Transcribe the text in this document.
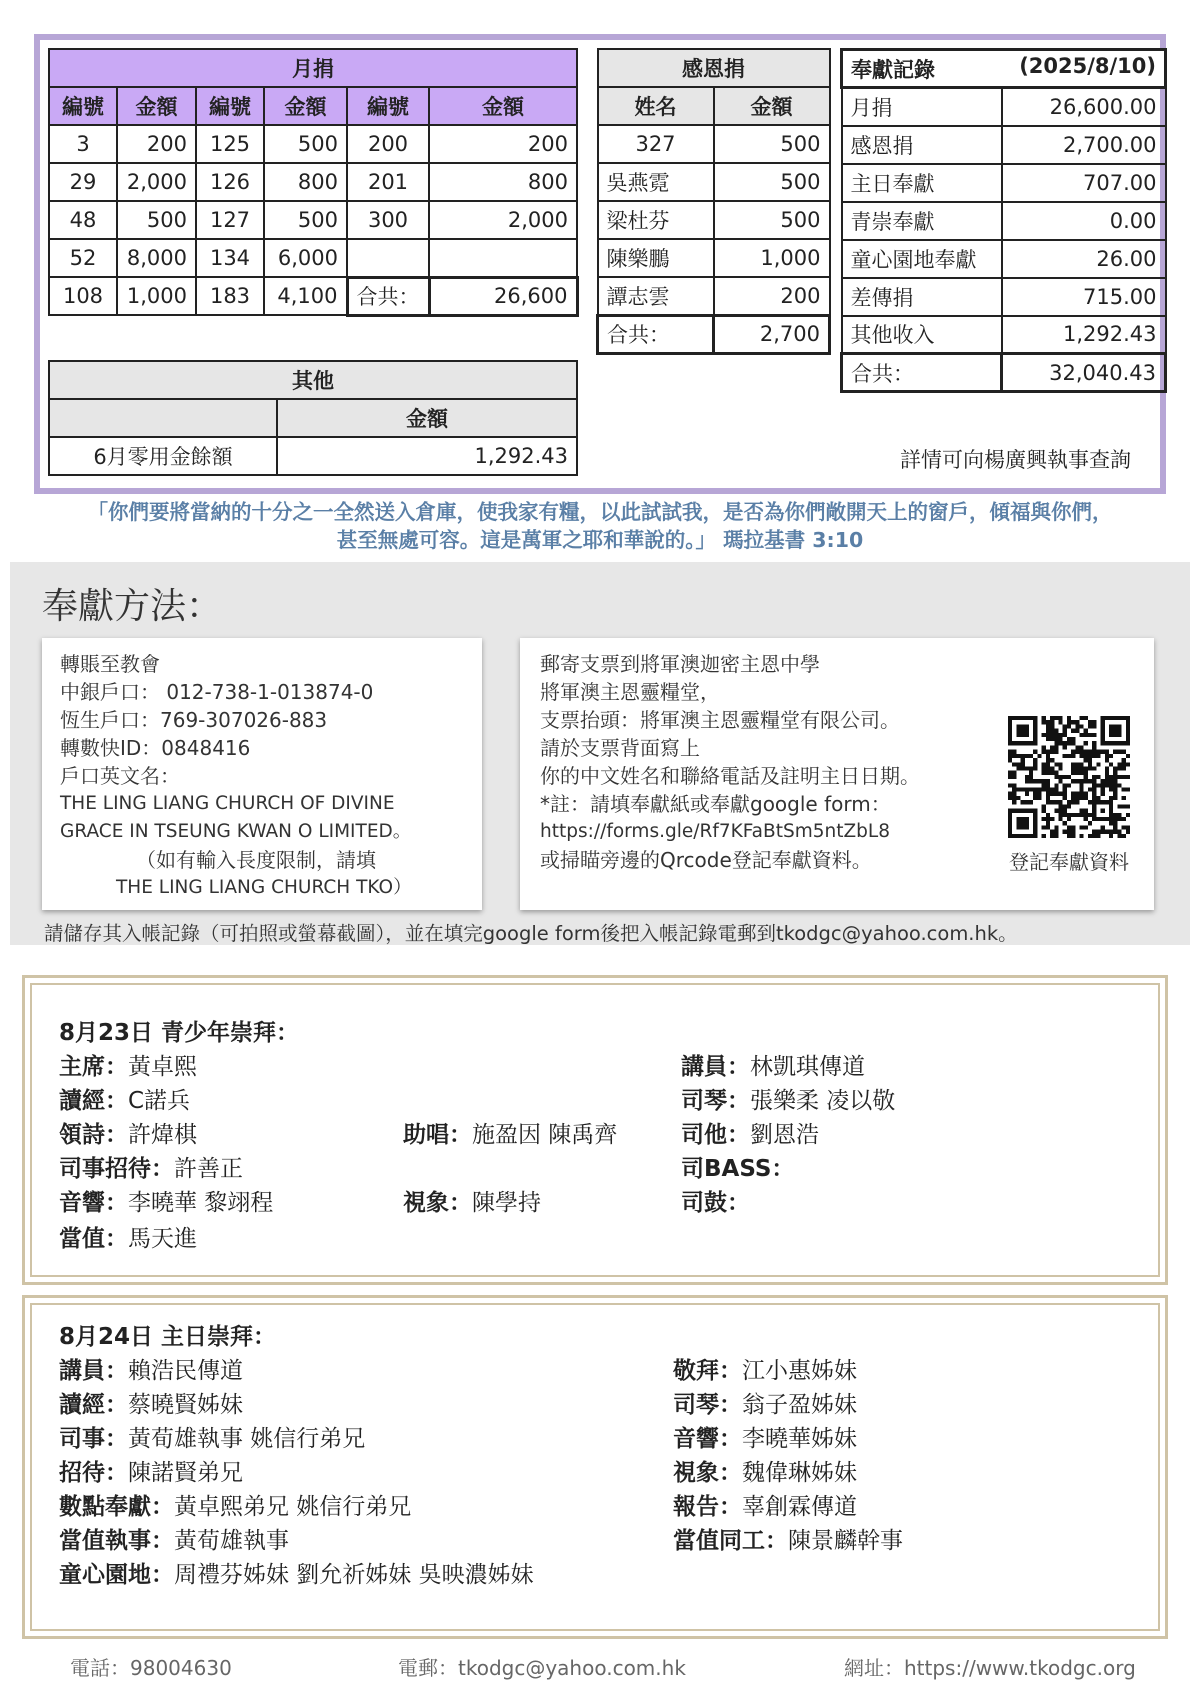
月捐					
編號	金額	編號	金額	編號	金額
3	200	125	500	200	200
29	2,000	126	800	201	800
48	500	127	500	300	2,000
52	8,000	134	6,000		
108	1,000	183	4,100	合共：	26,600
感恩捐	
姓名	金額
327	500
吳燕霓	500
梁杜芬	500
陳樂鵬	1,000
譚志雲	200
合共：	2,700
奉獻記錄 (2025/8/10)	

月捐	26,600.00
感恩捐	2,700.00
主日奉獻	707.00
青崇奉獻	0.00
童心園地奉獻	26.00
差傳捐	715.00
其他收入	1,292.43
合共：	32,040.43
其他	
	金額
6月零用金餘額	1,292.43	詳情可向楊廣興執事查詢
「你們要將當納的十分之一全然送入倉庫，使我家有糧，以此試試我，是否為你們敞開天上的窗戶，傾福與你們，
甚至無處可容。這是萬軍之耶和華說的。」 瑪拉基書 3:10
奉獻方法：
轉賬至教會
中銀戶口： 012-738-1-013874-0
恆生戶口：769-307026-883
轉數快ID：0848416
戶口英文名：
THE LING LIANG CHURCH OF DIVINE
GRACE IN TSEUNG KWAN O LIMITED。
（如有輸入長度限制，請填
THE LING LIANG CHURCH TKO）
郵寄支票到將軍澳迦密主恩中學
將軍澳主恩靈糧堂，
支票抬頭：將軍澳主恩靈糧堂有限公司。
請於支票背面寫上
你的中文姓名和聯絡電話及註明主日日期。
*註：請填奉獻紙或奉獻google form：
https://forms.gle/Rf7KFaBtSm5ntZbL8
或掃瞄旁邊的Qrcode登記奉獻資料。	登記奉獻資料
請儲存其入帳記錄（可拍照或螢幕截圖），並在填完google form後把入帳記錄電郵到tkodgc@yahoo.com.hk。
8月23日 青少年崇拜：
主席：黃卓熙	講員：林凱琪傳道
讀經：C諾兵	司琴：張樂柔 凌以敬
領詩：許煒棋	助唱：施盈因 陳禹齊	司他：劉恩浩
司事招待：許善正	司BASS：
音響：李曉華 黎翊程	視象：陳學持	司鼓：
當值：馬天進
8月24日 主日崇拜：
講員：賴浩民傳道	敬拜：江小惠姊妹
讀經：蔡曉賢姊妹	司琴：翁子盈姊妹
司事：黃荀雄執事 姚信行弟兄	音響：李曉華姊妹
招待：陳諾賢弟兄	視象：魏偉琳姊妹
數點奉獻：黃卓熙弟兄 姚信行弟兄	報告：辜創霖傳道
當值執事：黃荀雄執事	當值同工：陳景麟幹事
童心園地：周禮芬姊妹 劉允祈姊妹 吳映濃姊妹
電話：98004630	電郵：tkodgc@yahoo.com.hk	網址：https://www.tkodgc.org
